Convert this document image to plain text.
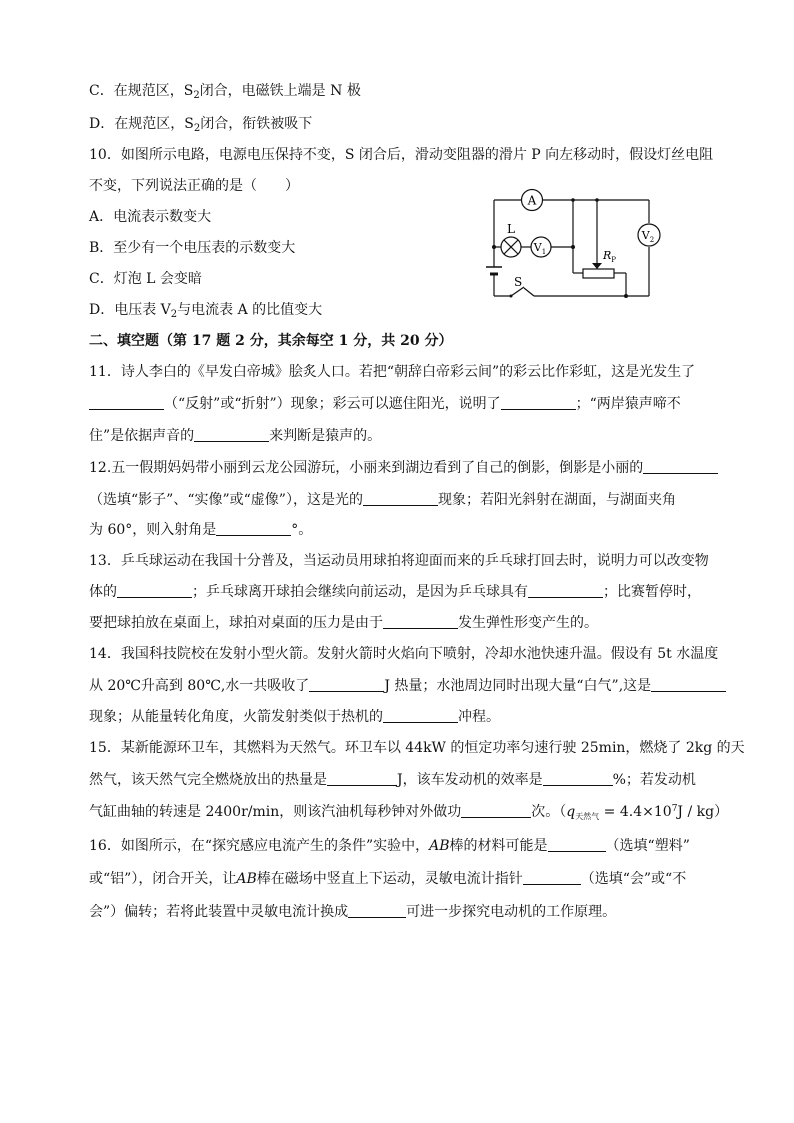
C．在规范区，$S_2$闭合，电磁铁上端是 N 极
D．在规范区，$S_2$闭合，衔铁被吸下
10．如图所示电路，电源电压保持不变，S 闭合后，滑动变阻器的滑片 P 向左移动时，假设灯丝电阻
不变，下列说法正确的是（　　）
A．电流表示数变大
B．至少有一个电压表的示数变大
C．灯泡 L 会变暗
D．电压表 $V_2$与电流表 A 的比值变大
S
A
L
$V_1$
$V_2$
$R_P$
二、填空题（第 17 题 2 分，其余每空 1 分，共 20 分）
11．诗人李白的《早发白帝城》脍炙人口。若把“朝辞白帝彩云间”的彩云比作彩虹，这是光发生了
（“反射”或“折射”）现象；彩云可以遮住阳光，说明了	；“两岸猿声啼不
住”是依据声音的	来判断是猿声的。
12.五一假期妈妈带小丽到云龙公园游玩，小丽来到湖边看到了自己的倒影，倒影是小丽的
（选填“影子”、“实像”或“虚像”），这是光的	现象；若阳光斜射在湖面，与湖面夹角
为 60°，则入射角是	°。
13．乒乓球运动在我国十分普及，当运动员用球拍将迎面而来的乒乓球打回去时，说明力可以改变物
体的	；乒乓球离开球拍会继续向前运动，是因为乒乓球具有	；比赛暂停时，
要把球拍放在桌面上，球拍对桌面的压力是由于	发生弹性形变产生的。
14．我国科技院校在发射小型火箭。发射火箭时火焰向下喷射，冷却水池快速升温。假设有 5t 水温度
从 20℃升高到 80℃,水一共吸收了	J 热量；水池周边同时出现大量“白气”,这是
现象；从能量转化角度，火箭发射类似于热机的	冲程。
15．某新能源环卫车，其燃料为天然气。环卫车以 44kW 的恒定功率匀速行驶 25min，燃烧了 2kg 的天
然气，该天然气完全燃烧放出的热量是	J，该车发动机的效率是	%；若发动机
气缸曲轴的转速是 2400r/min，则该汽油机每秒钟对外做功	次。$(q_{天然气} = 4.4\times 10^7J / kg)$
16．如图所示，在“探究感应电流产生的条件”实验中，AB棒的材料可能是	（选填“塑料”
或“铝”），闭合开关，让AB棒在磁场中竖直上下运动，灵敏电流计指针	（选填“会”或“不
会”）偏转；若将此装置中灵敏电流计换成	可进一步探究电动机的工作原理。
